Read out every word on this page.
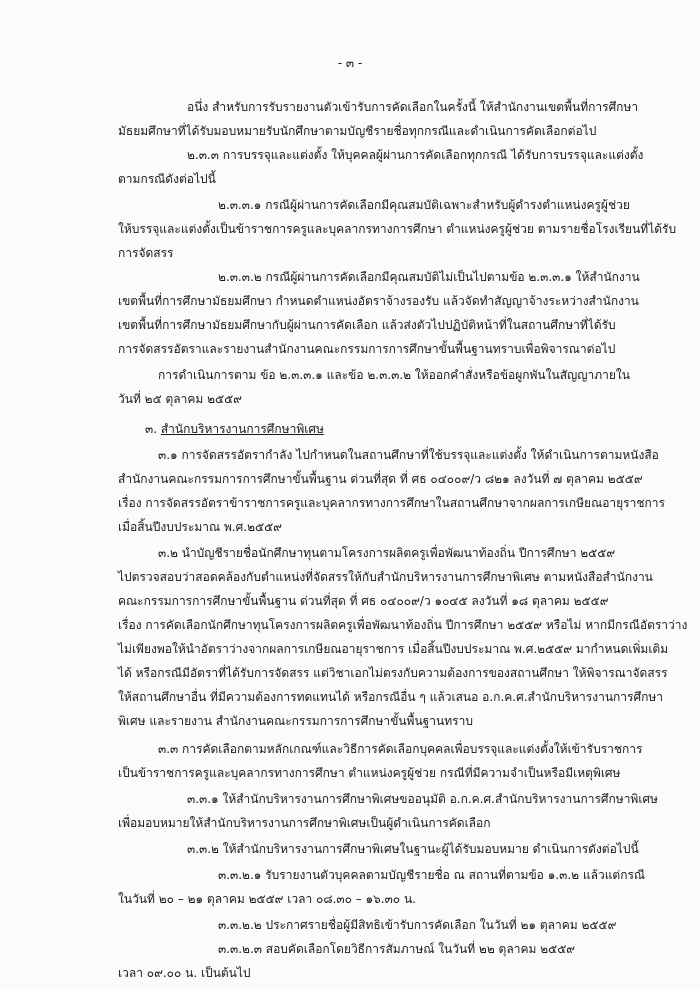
- ๓ -
อนึ่ง สำหรับการรับรายงานตัวเข้ารับการคัดเลือกในครั้งนี้ ให้สำนักงานเขตพื้นที่การศึกษา
มัธยมศึกษาที่ได้รับมอบหมายรับนักศึกษาตามบัญชีรายชื่อทุกกรณีและดำเนินการคัดเลือกต่อไป
๒.๓.๓ การบรรจุและแต่งตั้ง ให้บุคคลผู้ผ่านการคัดเลือกทุกกรณี ได้รับการบรรจุและแต่งตั้ง
ตามกรณีดังต่อไปนี้
๒.๓.๓.๑ กรณีผู้ผ่านการคัดเลือกมีคุณสมบัติเฉพาะสำหรับผู้ดำรงตำแหน่งครูผู้ช่วย
ให้บรรจุและแต่งตั้งเป็นข้าราชการครูและบุคลากรทางการศึกษา ตำแหน่งครูผู้ช่วย ตามรายชื่อโรงเรียนที่ได้รับ
การจัดสรร
๒.๓.๓.๒ กรณีผู้ผ่านการคัดเลือกมีคุณสมบัติไม่เป็นไปตามข้อ ๒.๓.๓.๑ ให้สำนักงาน
เขตพื้นที่การศึกษามัธยมศึกษา กำหนดตำแหน่งอัตราจ้างรองรับ แล้วจัดทำสัญญาจ้างระหว่างสำนักงาน
เขตพื้นที่การศึกษามัธยมศึกษากับผู้ผ่านการคัดเลือก แล้วส่งตัวไปปฏิบัติหน้าที่ในสถานศึกษาที่ได้รับ
การจัดสรรอัตราและรายงานสำนักงานคณะกรรมการการศึกษาขั้นพื้นฐานทราบเพื่อพิจารณาต่อไป
การดำเนินการตาม ข้อ ๒.๓.๓.๑ และข้อ ๒.๓.๓.๒ ให้ออกคำสั่งหรือข้อผูกพันในสัญญาภายใน
วันที่ ๒๕ ตุลาคม ๒๕๕๙
๓. สำนักบริหารงานการศึกษาพิเศษ
๓.๑ การจัดสรรอัตรากำลัง ไปกำหนดในสถานศึกษาที่ใช้บรรจุและแต่งตั้ง ให้ดำเนินการตามหนังสือ
สำนักงานคณะกรรมการการศึกษาขั้นพื้นฐาน ด่วนที่สุด ที่ ศธ ๐๔๐๐๙/ว ๘๒๑ ลงวันที่ ๗ ตุลาคม ๒๕๕๙
เรื่อง การจัดสรรอัตราข้าราชการครูและบุคลากรทางการศึกษาในสถานศึกษาจากผลการเกษียณอายุราชการ
เมื่อสิ้นปีงบประมาณ พ.ศ.๒๕๕๙
๓.๒ นำบัญชีรายชื่อนักศึกษาทุนตามโครงการผลิตครูเพื่อพัฒนาท้องถิ่น ปีการศึกษา ๒๕๕๙
ไปตรวจสอบว่าสอดคล้องกับตำแหน่งที่จัดสรรให้กับสำนักบริหารงานการศึกษาพิเศษ ตามหนังสือสำนักงาน
คณะกรรมการการศึกษาขั้นพื้นฐาน ด่วนที่สุด ที่ ศธ ๐๔๐๐๙/ว ๑๐๔๕ ลงวันที่ ๑๘ ตุลาคม ๒๕๕๙
เรื่อง การคัดเลือกนักศึกษาทุนโครงการผลิตครูเพื่อพัฒนาท้องถิ่น ปีการศึกษา ๒๕๕๙ หรือไม่ หากมีกรณีอัตราว่าง
ไม่เพียงพอให้นำอัตราว่างจากผลการเกษียณอายุราชการ เมื่อสิ้นปีงบประมาณ พ.ศ.๒๕๕๙ มากำหนดเพิ่มเติม
ได้ หรือกรณีมีอัตราที่ได้รับการจัดสรร แต่วิชาเอกไม่ตรงกับความต้องการของสถานศึกษา ให้พิจารณาจัดสรร
ให้สถานศึกษาอื่น ที่มีความต้องการทดแทนได้ หรือกรณีอื่น ๆ แล้วเสนอ อ.ก.ค.ศ.สำนักบริหารงานการศึกษา
พิเศษ และรายงาน สำนักงานคณะกรรมการการศึกษาขั้นพื้นฐานทราบ
๓.๓ การคัดเลือกตามหลักเกณฑ์และวิธีการคัดเลือกบุคคลเพื่อบรรจุและแต่งตั้งให้เข้ารับราชการ
เป็นข้าราชการครูและบุคลากรทางการศึกษา ตำแหน่งครูผู้ช่วย กรณีที่มีความจำเป็นหรือมีเหตุพิเศษ
๓.๓.๑ ให้สำนักบริหารงานการศึกษาพิเศษขออนุมัติ อ.ก.ค.ศ.สำนักบริหารงานการศึกษาพิเศษ
เพื่อมอบหมายให้สำนักบริหารงานการศึกษาพิเศษเป็นผู้ดำเนินการคัดเลือก
๓.๓.๒ ให้สำนักบริหารงานการศึกษาพิเศษในฐานะผู้ได้รับมอบหมาย ดำเนินการดังต่อไปนี้
๓.๓.๒.๑ รับรายงานตัวบุคคลตามบัญชีรายชื่อ ณ สถานที่ตามข้อ ๑.๓.๒ แล้วแต่กรณี
ในวันที่ ๒๐ – ๒๑ ตุลาคม ๒๕๕๙ เวลา ๐๘.๓๐ – ๑๖.๓๐ น.
๓.๓.๒.๒ ประกาศรายชื่อผู้มีสิทธิเข้ารับการคัดเลือก ในวันที่ ๒๑ ตุลาคม ๒๕๕๙
๓.๓.๒.๓ สอบคัดเลือกโดยวิธีการสัมภาษณ์ ในวันที่ ๒๒ ตุลาคม ๒๕๕๙
เวลา ๐๙.๐๐ น. เป็นต้นไป
